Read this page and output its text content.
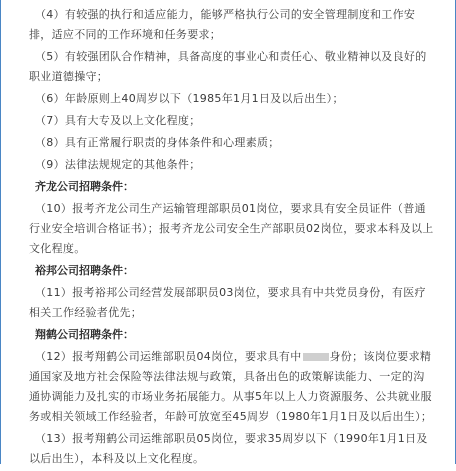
（4）有较强的执行和适应能力，能够严格执行公司的安全管理制度和工作安排，适应不同的工作环境和任务要求；

（5）有较强团队合作精神，具备高度的事业心和责任心、敬业精神以及良好的职业道德操守；

（6）年龄原则上40周岁以下（1985年1月1日及以后出生）；

（7）具有大专及以上文化程度；

（8）具有正常履行职责的身体条件和心理素质；

（9）法律法规规定的其他条件；

齐龙公司招聘条件：

（10）报考齐龙公司生产运输管理部职员01岗位，要求具有安全员证件（普通行业安全培训合格证书）；报考齐龙公司安全生产部职员02岗位，要求本科及以上文化程度。

裕邦公司招聘条件：

（11）报考裕邦公司经营发展部职员03岗位，要求具有中共党员身份，有医疗相关工作经验者优先；

翔鹤公司招聘条件：

（12）报考翔鹤公司运维部职员04岗位，要求具有中	身份；该岗位要求精通国家及地方社会保险等法律法规与政策，具备出色的政策解读能力、一定的沟通协调能力及扎实的市场业务拓展能力。从事5年以上人力资源服务、公共就业服务或相关领域工作经验者，年龄可放宽至45周岁（1980年1月1日及以后出生）；

（13）报考翔鹤公司运维部职员05岗位，要求35周岁以下（1990年1月1日及以后出生），本科及以上文化程度。
